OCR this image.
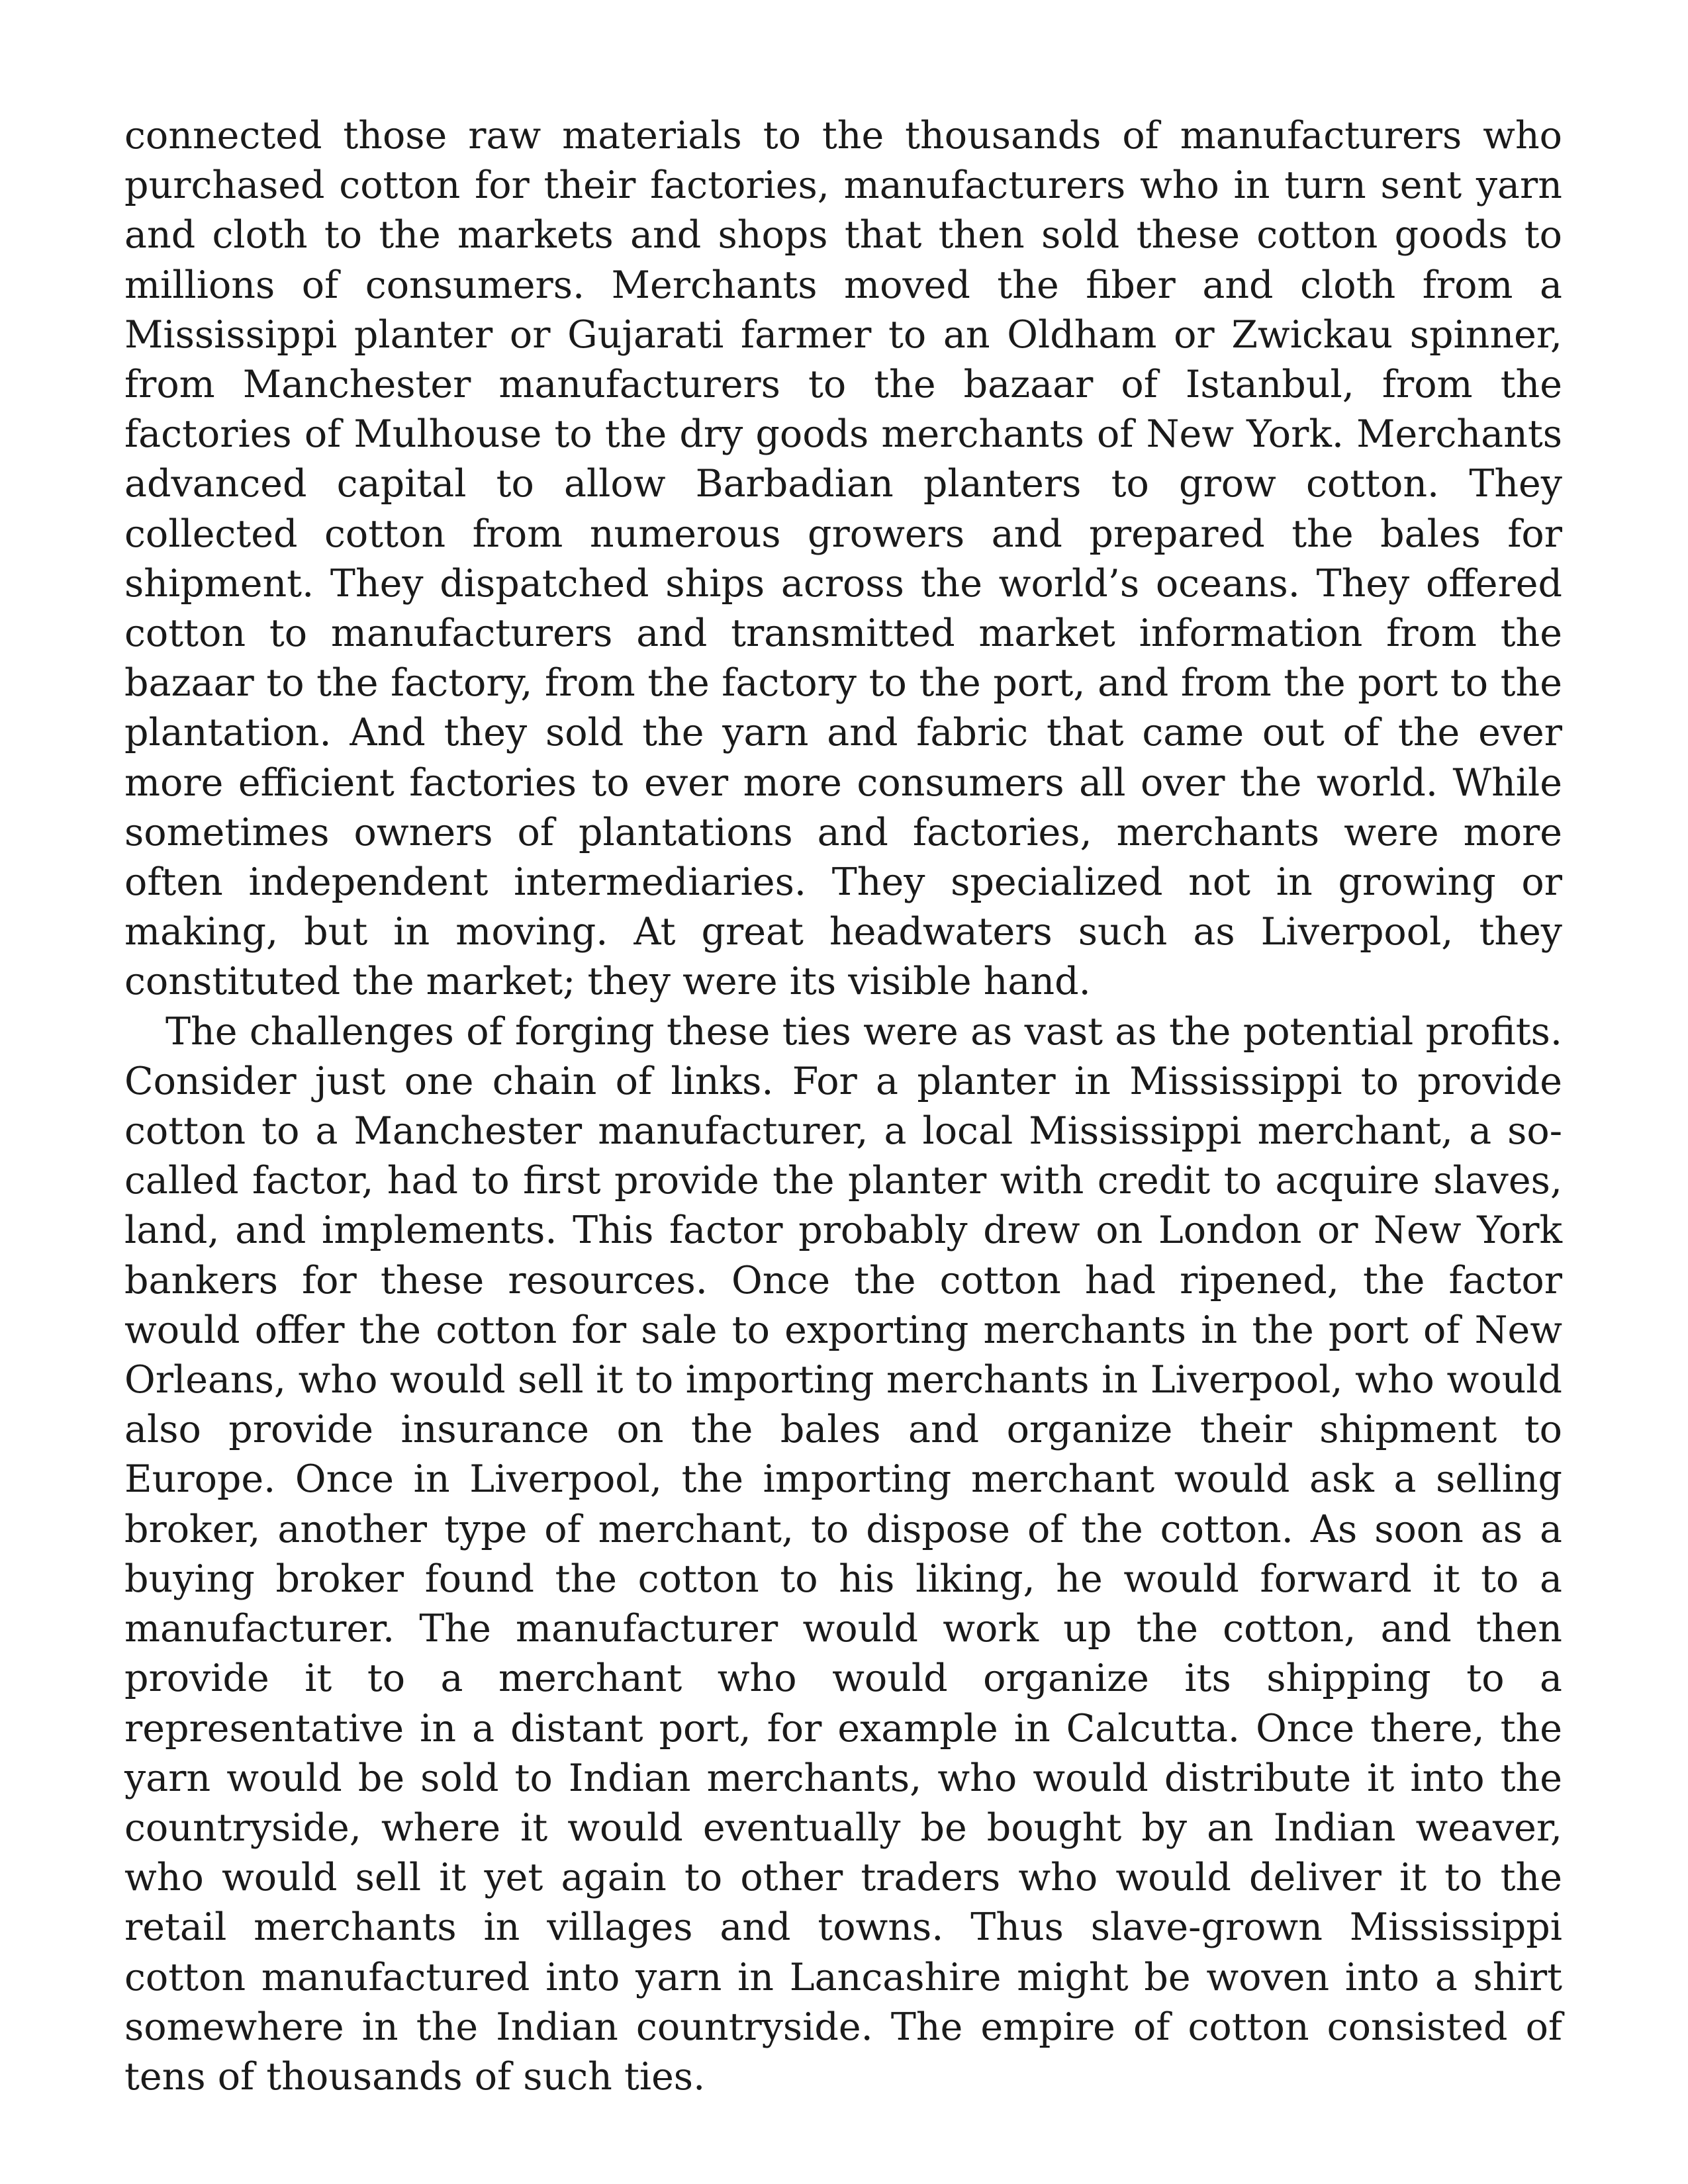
connected those raw materials to the thousands of manufacturers who purchased cotton for their factories, manufacturers who in turn sent yarn and cloth to the markets and shops that then sold these cotton goods to millions of consumers. Merchants moved the fiber and cloth from a Mississippi planter or Gujarati farmer to an Oldham or Zwickau spinner, from Manchester manufacturers to the bazaar of Istanbul, from the factories of Mulhouse to the dry goods merchants of New York. Merchants advanced capital to allow Barbadian planters to grow cotton. They collected cotton from numerous growers and prepared the bales for shipment. They dispatched ships across the world’s oceans. They offered cotton to manufacturers and transmitted market information from the bazaar to the factory, from the factory to the port, and from the port to the plantation. And they sold the yarn and fabric that came out of the ever more efficient factories to ever more consumers all over the world. While sometimes owners of plantations and factories, merchants were more often independent intermediaries. They specialized not in growing or making, but in moving. At great headwaters such as Liverpool, they constituted the market; they were its visible hand.

The challenges of forging these ties were as vast as the potential profits. Consider just one chain of links. For a planter in Mississippi to provide cotton to a Manchester manufacturer, a local Mississippi merchant, a so-called factor, had to first provide the planter with credit to acquire slaves, land, and implements. This factor probably drew on London or New York bankers for these resources. Once the cotton had ripened, the factor would offer the cotton for sale to exporting merchants in the port of New Orleans, who would sell it to importing merchants in Liverpool, who would also provide insurance on the bales and organize their shipment to Europe. Once in Liverpool, the importing merchant would ask a selling broker, another type of merchant, to dispose of the cotton. As soon as a buying broker found the cotton to his liking, he would forward it to a manufacturer. The manufacturer would work up the cotton, and then provide it to a merchant who would organize its shipping to a representative in a distant port, for example in Calcutta. Once there, the yarn would be sold to Indian merchants, who would distribute it into the countryside, where it would eventually be bought by an Indian weaver, who would sell it yet again to other traders who would deliver it to the retail merchants in villages and towns. Thus slave-grown Mississippi cotton manufactured into yarn in Lancashire might be woven into a shirt somewhere in the Indian countryside. The empire of cotton consisted of tens of thousands of such ties.
